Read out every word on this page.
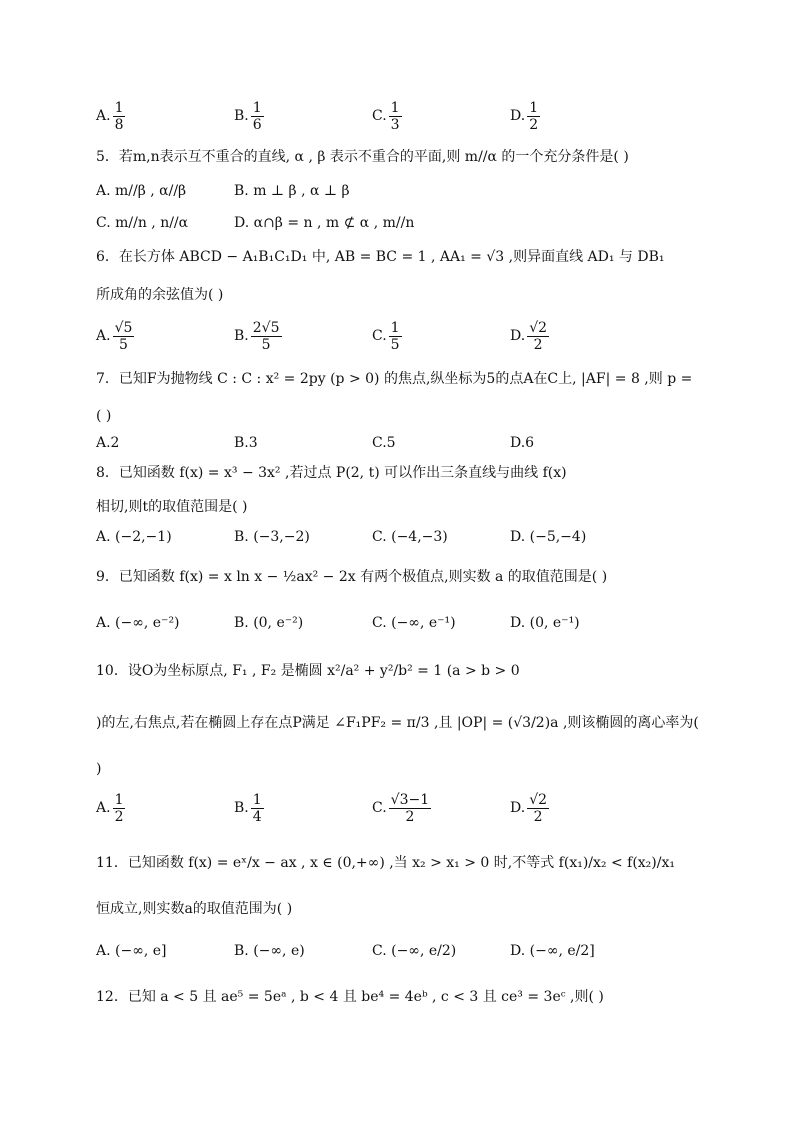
A. $\frac{1}{8}$	B. $\frac{1}{6}$	C. $\frac{1}{3}$	D. $\frac{1}{2}$
5．若m,n表示互不重合的直线, α , β 表示不重合的平面,则 m//α 的一个充分条件是( )
A. m//β , α//β	B. m ⊥ β , α ⊥ β
C. m//n , n//α	D. α∩β = n , m ⊄ α , m//n
6．在长方体 ABCD − A₁B₁C₁D₁ 中, AB = BC = 1 , AA₁ = √3 ,则异面直线 AD₁ 与 DB₁
所成角的余弦值为( )
A. $\frac{√5}{5}$	B. $\frac{2√5}{5}$	C. $\frac{1}{5}$	D. $\frac{√2}{2}$
7．已知F为抛物线 C : C : x² = 2py (p > 0) 的焦点,纵坐标为5的点A在C上, |AF| = 8 ,则 p =
( )
A.2	B.3	C.5	D.6
8．已知函数 f(x) = x³ − 3x² ,若过点 P(2, t) 可以作出三条直线与曲线 f(x)
相切,则t的取值范围是( )
A. (−2,−1)	B. (−3,−2)	C. (−4,−3)	D. (−5,−4)
9．已知函数 f(x) = x ln x − ½ax² − 2x 有两个极值点,则实数 a 的取值范围是( )
A. (−∞, e⁻²)	B. (0, e⁻²)	C. (−∞, e⁻¹)	D. (0, e⁻¹)
10．设O为坐标原点, F₁ , F₂ 是椭圆 x²/a² + y²/b² = 1 (a > b > 0
)的左,右焦点,若在椭圆上存在点P满足 ∠F₁PF₂ = π/3 ,且 |OP| = (√3/2)a ,则该椭圆的离心率为(
)
A. $\frac{1}{2}$	B. $\frac{1}{4}$	C. $\frac{√3-1}{2}$	D. $\frac{√2}{2}$
11．已知函数 f(x) = eˣ/x − ax , x ∈ (0,+∞) ,当 x₂ > x₁ > 0 时,不等式 f(x₁)/x₂ < f(x₂)/x₁
恒成立,则实数a的取值范围为( )
A. (−∞, e]	B. (−∞, e)	C. (−∞, e/2)	D. (−∞, e/2]
12．已知 a < 5 且 ae⁵ = 5eᵃ , b < 4 且 be⁴ = 4eᵇ , c < 3 且 ce³ = 3eᶜ ,则( )
